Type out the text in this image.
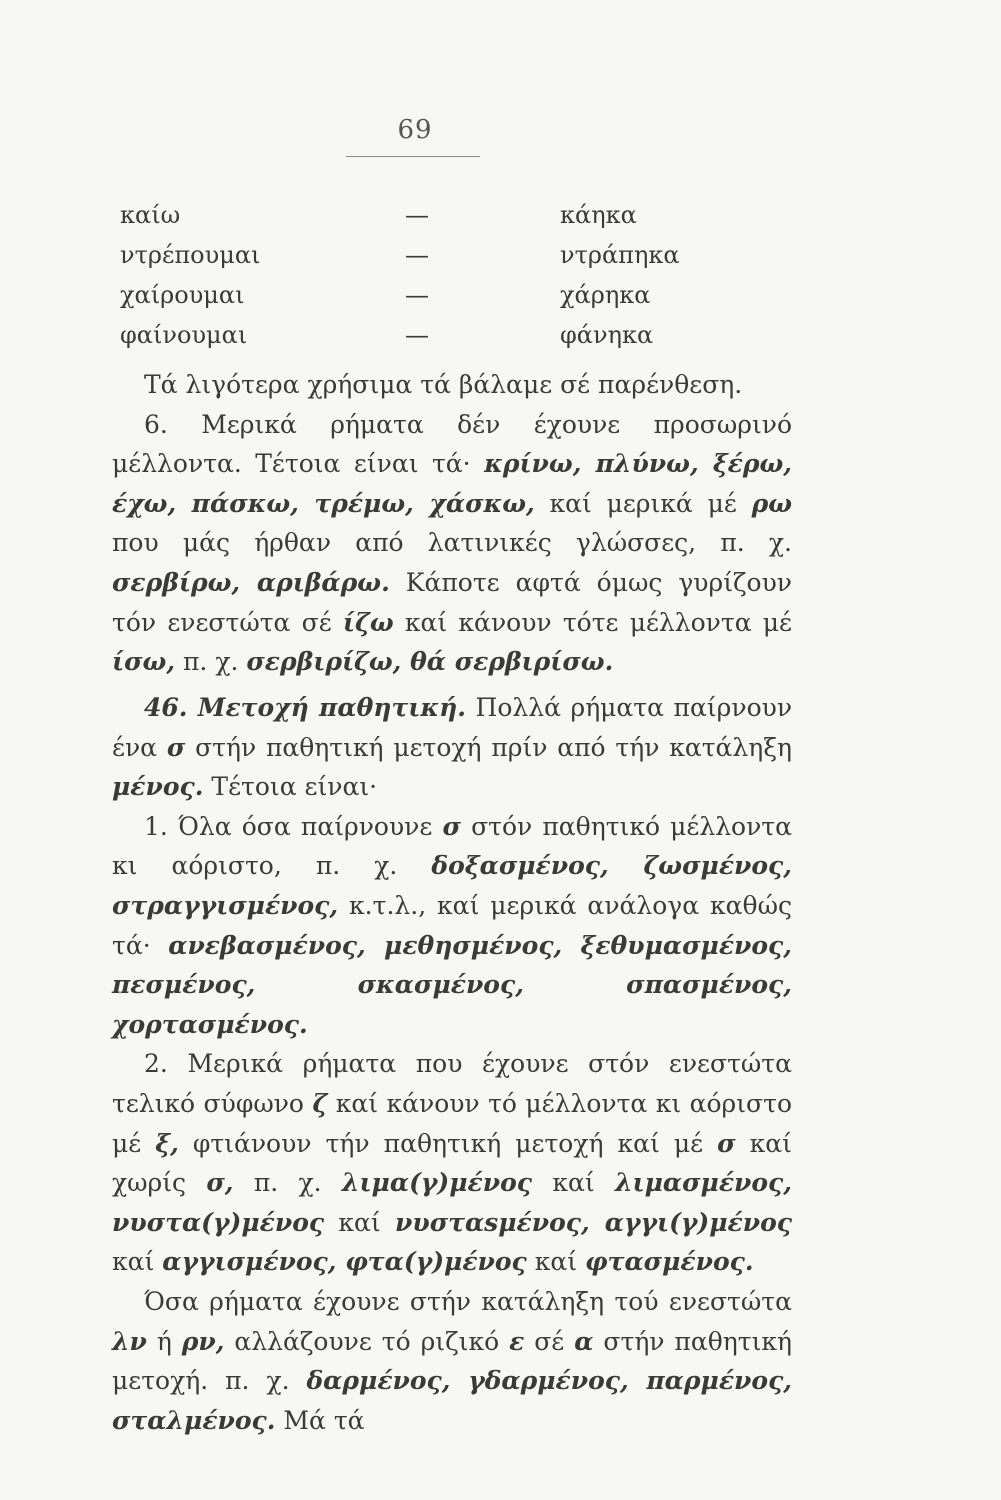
69
καίω	—	κάηκα
ντρέπουμαι	—	ντράπηκα
χαίρουμαι	—	χάρηκα
φαίνουμαι	—	φάνηκα

Τά λιγότερα χρήσιμα τά βάλαμε σέ παρένθεση.

6. Μερικά ρήματα δέν έχουνε προσωρινό μέλλοντα. Τέτοια είναι τά· κρίνω, πλύνω, ξέρω, έχω, πάσκω, τρέμω, χάσκω, καί μερικά μέ ρω που μάς ήρθαν από λατινικές γλώσσες, π. χ. σερβίρω, αριβάρω. Κάποτε αφτά όμως γυρίζουν τόν ενεστώτα σέ ίζω καί κάνουν τότε μέλλοντα μέ ίσω, π. χ. σερβιρίζω, θά σερβιρίσω.

46. Μετοχή παθητική. Πολλά ρήματα παίρνουν ένα σ στήν παθητική μετοχή πρίν από τήν κατάληξη μένος. Τέτοια είναι·

1. Όλα όσα παίρνουνε σ στόν παθητικό μέλλοντα κι αόριστο, π. χ. δοξασμένος, ζωσμένος, στραγγισμένος, κ.τ.λ., καί μερικά ανάλογα καθώς τά· ανεβασμένος, μεθησμένος, ξεθυμασμένος, πεσμένος, σκασμένος, σπασμένος, χορτασμένος.

2. Μερικά ρήματα που έχουνε στόν ενεστώτα τελικό σύφωνο ζ καί κάνουν τό μέλλοντα κι αόριστο μέ ξ, φτιάνουν τήν παθητική μετοχή καί μέ σ καί χωρίς σ, π. χ. λιμα(γ)μένος καί λιμασμένος, νυστα(γ)μένος καί νυσταsμένος, αγγι(γ)μένος καί αγγισμένος, φτα(γ)μένος καί φτασμένος.

Όσα ρήματα έχουνε στήν κατάληξη τού ενεστώτα λν ή ρν, αλλάζουνε τό ριζικό ε σέ α στήν παθητική μετοχή. π. χ. δαρμένος, γδαρμένος, παρμένος, σταλμένος. Μά τά
